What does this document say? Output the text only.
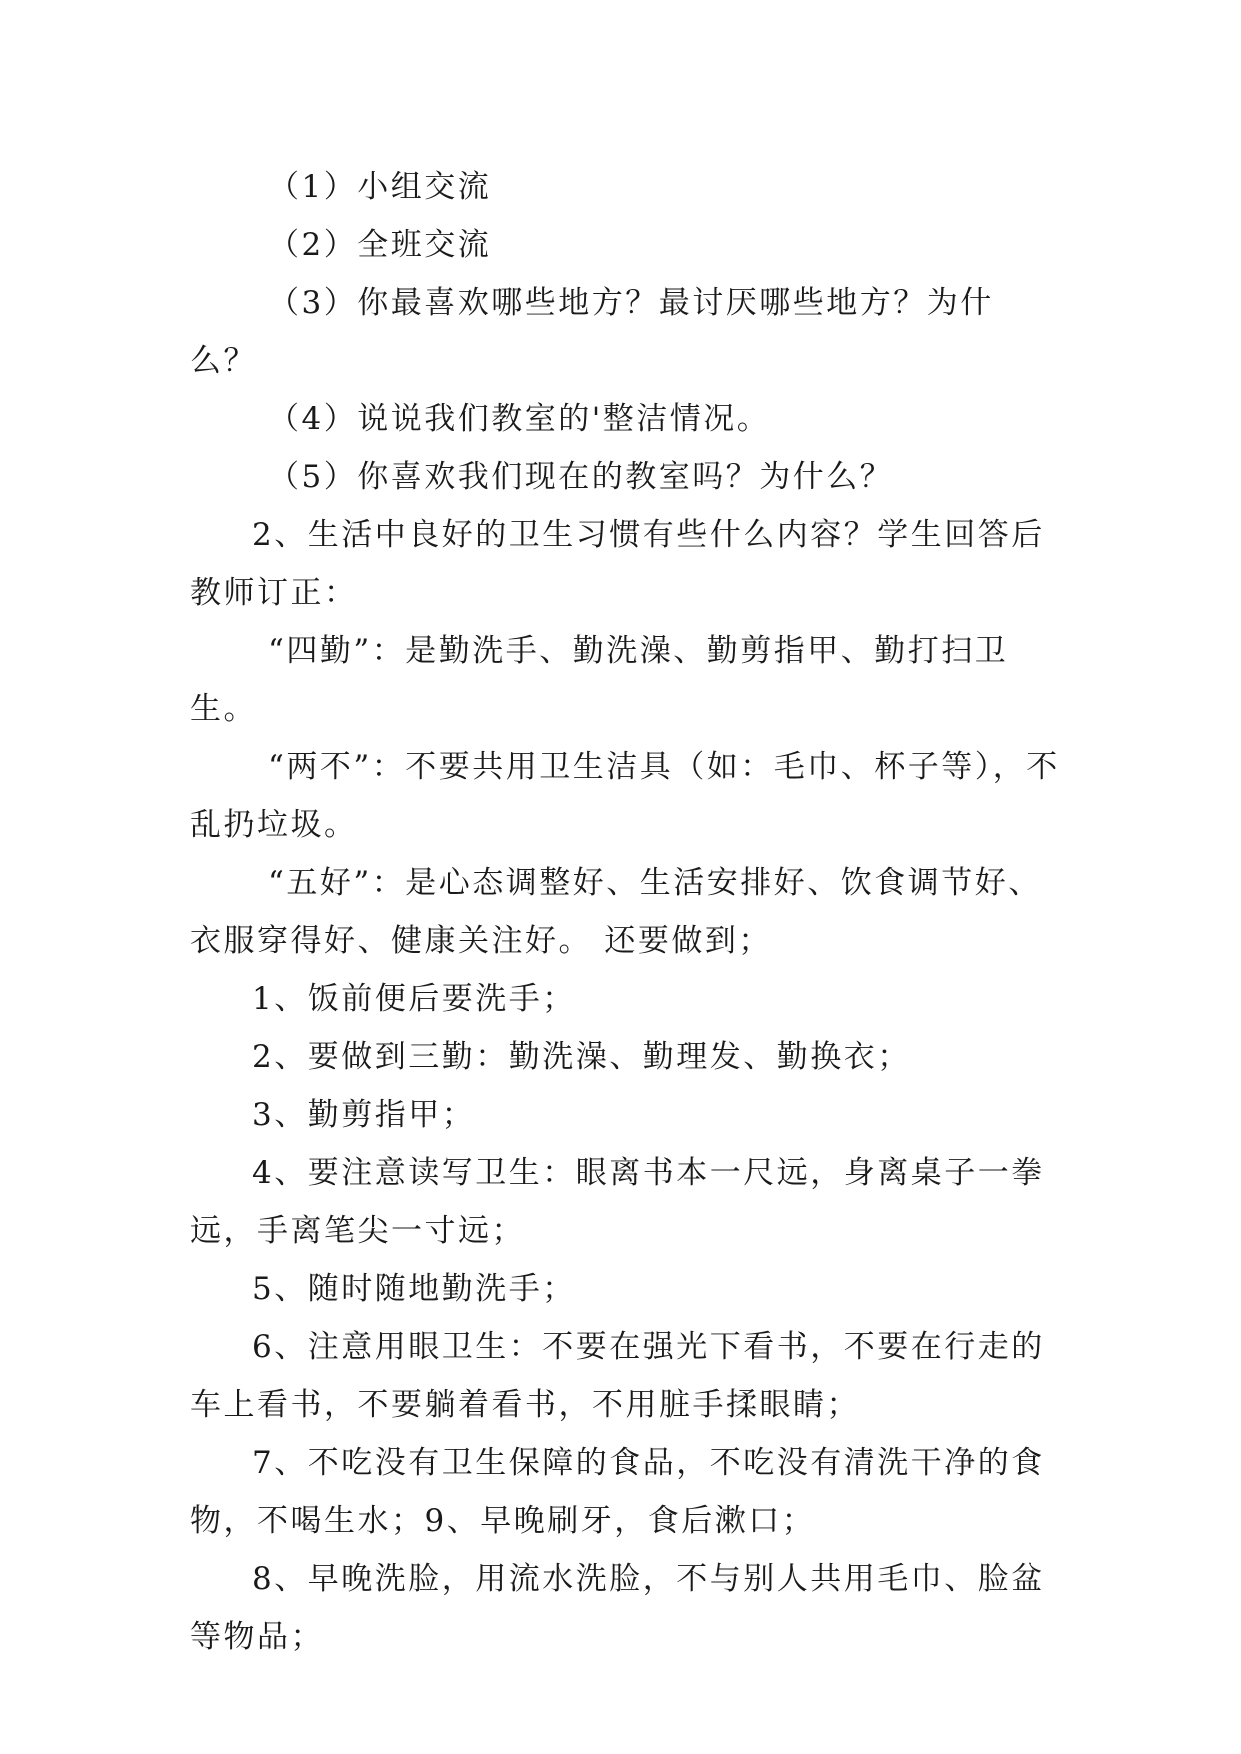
（1）小组交流

（2）全班交流

（3）你最喜欢哪些地方？最讨厌哪些地方？为什么？

（4）说说我们教室的'整洁情况。

（5）你喜欢我们现在的教室吗？为什么？

2、生活中良好的卫生习惯有些什么内容？学生回答后教师订正：

“四勤”：是勤洗手、勤洗澡、勤剪指甲、勤打扫卫生。

“两不”：不要共用卫生洁具（如：毛巾、杯子等），不乱扔垃圾。

“五好”：是心态调整好、生活安排好、饮食调节好、衣服穿得好、健康关注好。 还要做到；

1、饭前便后要洗手；

2、要做到三勤：勤洗澡、勤理发、勤换衣；

3、勤剪指甲；

4、要注意读写卫生：眼离书本一尺远，身离桌子一拳远，手离笔尖一寸远；

5、随时随地勤洗手；

6、注意用眼卫生：不要在强光下看书，不要在行走的车上看书，不要躺着看书，不用脏手揉眼睛；

7、不吃没有卫生保障的食品，不吃没有清洗干净的食物，不喝生水；9、早晚刷牙，食后漱口；

8、早晚洗脸，用流水洗脸，不与别人共用毛巾、脸盆等物品；
